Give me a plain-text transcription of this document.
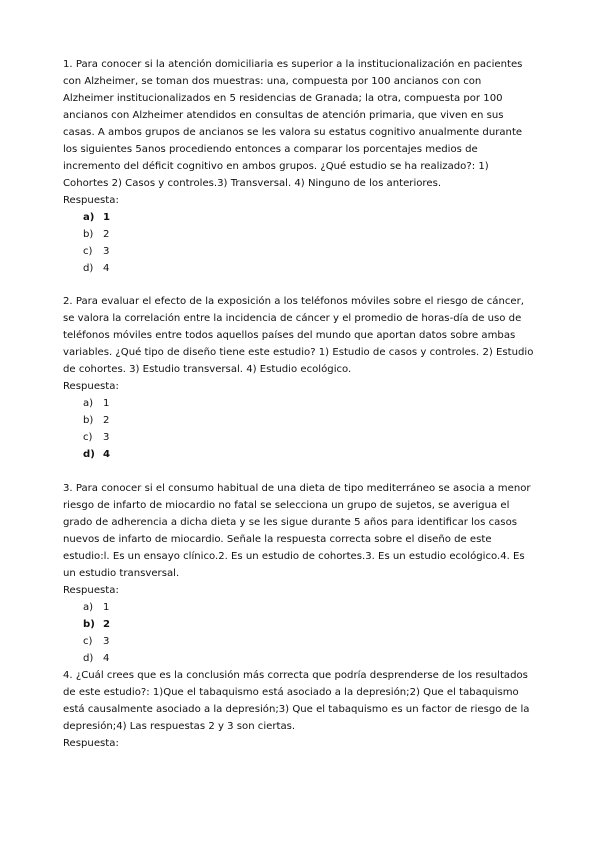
1. Para conocer si la atención domiciliaria es superior a la institucionalización en pacientes con Alzheimer, se toman dos muestras: una, compuesta por 100 ancianos con con Alzheimer institucionalizados en 5 residencias de Granada; la otra, compuesta por 100 ancianos con Alzheimer atendidos en consultas de atención primaria, que viven en sus casas. A ambos grupos de ancianos se les valora su estatus cognitivo anualmente durante los siguientes 5anos procediendo entonces a comparar los porcentajes medios de incremento del déficit cognitivo en ambos grupos. ¿Qué estudio se ha realizado?: 1) Cohortes 2) Casos y controles.3) Transversal. 4) Ninguno de los anteriores.

Respuesta:

a) 1
b) 2
c) 3
d) 4

2. Para evaluar el efecto de la exposición a los teléfonos móviles sobre el riesgo de cáncer, se valora la correlación entre la incidencia de cáncer y el promedio de horas-día de uso de teléfonos móviles entre todos aquellos países del mundo que aportan datos sobre ambas variables. ¿Qué tipo de diseño tiene este estudio? 1) Estudio de casos y controles. 2) Estudio de cohortes. 3) Estudio transversal. 4) Estudio ecológico.

Respuesta:

a) 1
b) 2
c) 3
d) 4

3. Para conocer si el consumo habitual de una dieta de tipo mediterráneo se asocia a menor riesgo de infarto de miocardio no fatal se selecciona un grupo de sujetos, se averigua el grado de adherencia a dicha dieta y se les sigue durante 5 años para identificar los casos nuevos de infarto de miocardio. Señale la respuesta correcta sobre el diseño de este estudio:l. Es un ensayo clínico.2. Es un estudio de cohortes.3. Es un estudio ecológico.4. Es un estudio transversal.

Respuesta:

a) 1
b) 2
c) 3
d) 4

4. ¿Cuál crees que es la conclusión más correcta que podría desprenderse de los resultados de este estudio?: 1)Que el tabaquismo está asociado a la depresión;2) Que el tabaquismo está causalmente asociado a la depresión;3) Que el tabaquismo es un factor de riesgo de la depresión;4) Las respuestas 2 y 3 son ciertas.

Respuesta:
